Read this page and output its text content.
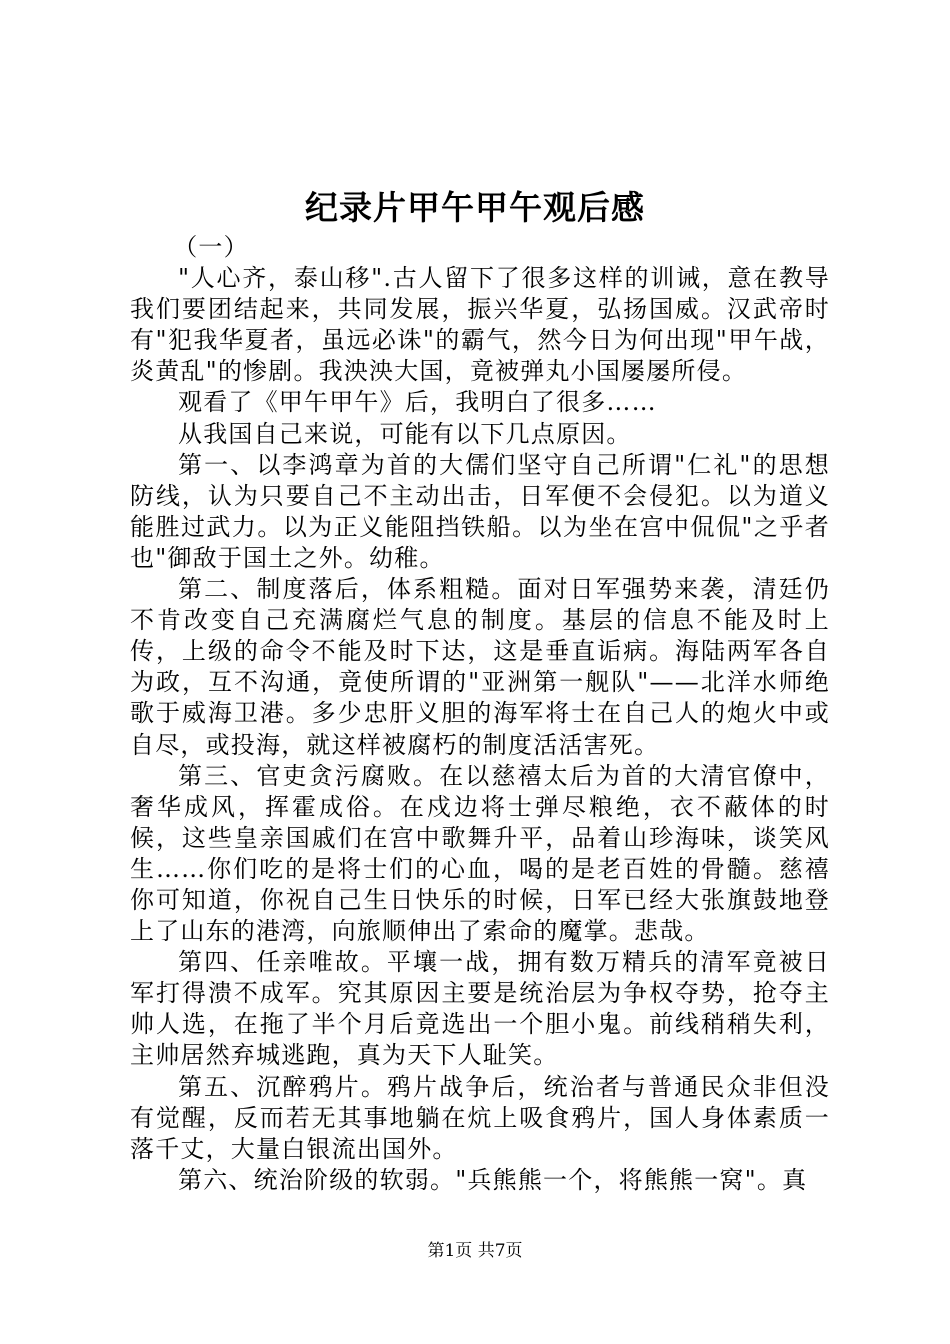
纪录片甲午甲午观后感

（一）

"人心齐，泰山移".古人留下了很多这样的训诫，意在教导我们要团结起来，共同发展，振兴华夏，弘扬国威。汉武帝时有"犯我华夏者，虽远必诛"的霸气，然今日为何出现"甲午战，炎黄乱"的惨剧。我泱泱大国，竟被弹丸小国屡屡所侵。

观看了《甲午甲午》后，我明白了很多……

从我国自己来说，可能有以下几点原因。

第一、以李鸿章为首的大儒们坚守自己所谓"仁礼"的思想防线，认为只要自己不主动出击，日军便不会侵犯。以为道义能胜过武力。以为正义能阻挡铁船。以为坐在宫中侃侃"之乎者也"御敌于国土之外。幼稚。

第二、制度落后，体系粗糙。面对日军强势来袭，清廷仍不肯改变自己充满腐烂气息的制度。基层的信息不能及时上传，上级的命令不能及时下达，这是垂直诟病。海陆两军各自为政，互不沟通，竟使所谓的"亚洲第一舰队"——北洋水师绝歌于威海卫港。多少忠肝义胆的海军将士在自己人的炮火中或自尽，或投海，就这样被腐朽的制度活活害死。

第三、官吏贪污腐败。在以慈禧太后为首的大清官僚中，奢华成风，挥霍成俗。在戍边将士弹尽粮绝，衣不蔽体的时候，这些皇亲国戚们在宫中歌舞升平，品着山珍海味，谈笑风生……你们吃的是将士们的心血，喝的是老百姓的骨髓。慈禧你可知道，你祝自己生日快乐的时候，日军已经大张旗鼓地登上了山东的港湾，向旅顺伸出了索命的魔掌。悲哉。

第四、任亲唯故。平壤一战，拥有数万精兵的清军竟被日军打得溃不成军。究其原因主要是统治层为争权夺势，抢夺主帅人选，在拖了半个月后竟选出一个胆小鬼。前线稍稍失利，主帅居然弃城逃跑，真为天下人耻笑。

第五、沉醉鸦片。鸦片战争后，统治者与普通民众非但没有觉醒，反而若无其事地躺在炕上吸食鸦片，国人身体素质一落千丈，大量白银流出国外。

第六、统治阶级的软弱。"兵熊熊一个，将熊熊一窝"。真

第1页 共7页
